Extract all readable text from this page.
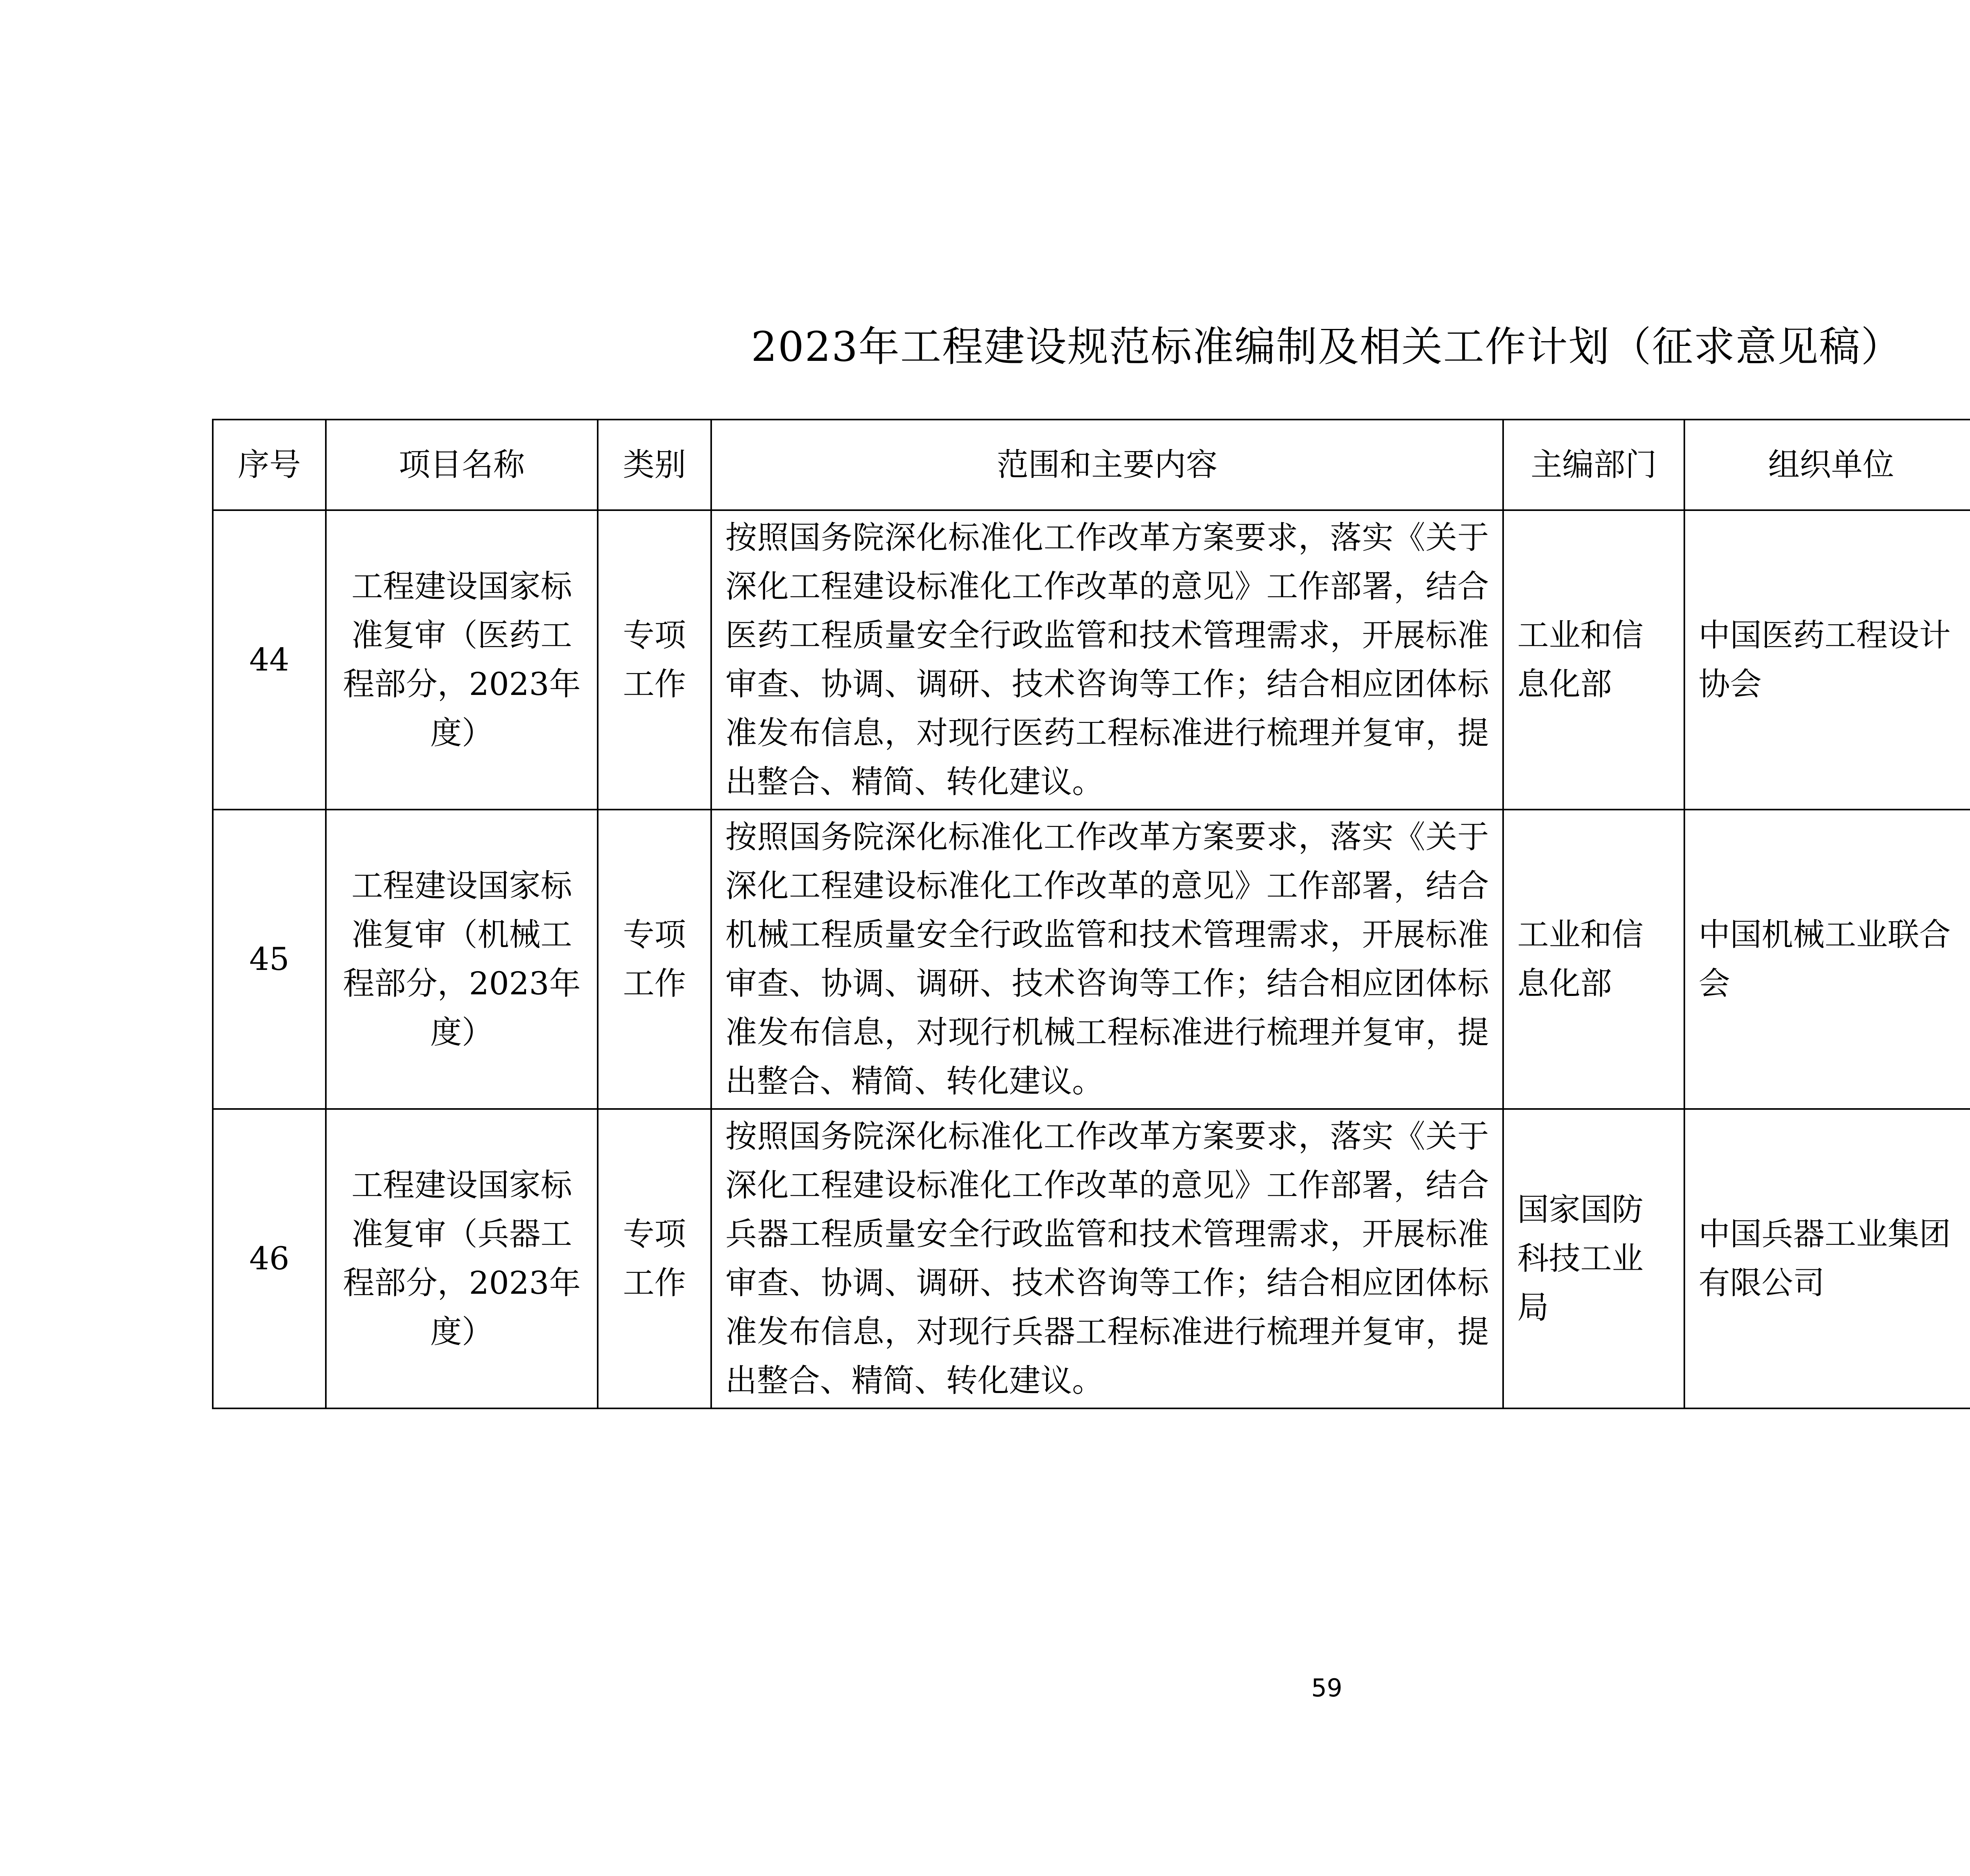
2023年工程建设规范标准编制及相关工作计划（征求意见稿）
序号	项目名称	类别	范围和主要内容	主编部门	组织单位		
44	工程建设国家标准复审（医药工程部分，2023年度）	专项工作	按照国务院深化标准化工作改革方案要求，落实《关于深化工程建设标准化工作改革的意见》工作部署，结合医药工程质量安全行政监管和技术管理需求，开展标准审查、协调、调研、技术咨询等工作；结合相应团体标准发布信息，对现行医药工程标准进行梳理并复审，提出整合、精简、转化建议。	工业和信息化部	中国医药工程设计协会		
45	工程建设国家标准复审（机械工程部分，2023年度）	专项工作	按照国务院深化标准化工作改革方案要求，落实《关于深化工程建设标准化工作改革的意见》工作部署，结合机械工程质量安全行政监管和技术管理需求，开展标准审查、协调、调研、技术咨询等工作；结合相应团体标准发布信息，对现行机械工程标准进行梳理并复审，提出整合、精简、转化建议。	工业和信息化部	中国机械工业联合会		
46	工程建设国家标准复审（兵器工程部分，2023年度）	专项工作	按照国务院深化标准化工作改革方案要求，落实《关于深化工程建设标准化工作改革的意见》工作部署，结合兵器工程质量安全行政监管和技术管理需求，开展标准审查、协调、调研、技术咨询等工作；结合相应团体标准发布信息，对现行兵器工程标准进行梳理并复审，提出整合、精简、转化建议。	国家国防科技工业局	中国兵器工业集团有限公司		
59
